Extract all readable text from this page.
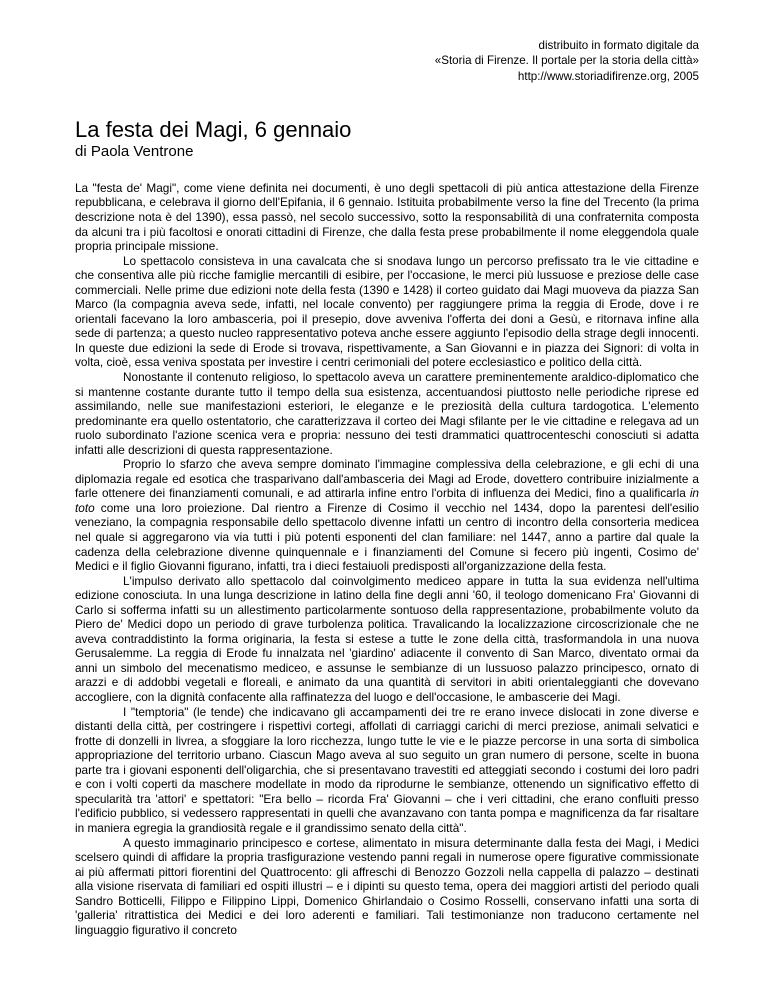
distribuito in formato digitale da
«Storia di Firenze. Il portale per la storia della città»
http://www.storiadifirenze.org, 2005
La festa dei Magi, 6 gennaio
di Paola Ventrone

La "festa de' Magi", come viene definita nei documenti, è uno degli spettacoli di più antica attestazione della Firenze repubblicana, e celebrava il giorno dell'Epifania, il 6 gennaio. Istituita probabilmente verso la fine del Trecento (la prima descrizione nota è del 1390), essa passò, nel secolo successivo, sotto la responsabilità di una confraternita composta da alcuni tra i più facoltosi e onorati cittadini di Firenze, che dalla festa prese probabilmente il nome eleggendola quale propria principale missione.

Lo spettacolo consisteva in una cavalcata che si snodava lungo un percorso prefissato tra le vie cittadine e che consentiva alle più ricche famiglie mercantili di esibire, per l'occasione, le merci più lussuose e preziose delle case commerciali. Nelle prime due edizioni note della festa (1390 e 1428) il corteo guidato dai Magi muoveva da piazza San Marco (la compagnia aveva sede, infatti, nel locale convento) per raggiungere prima la reggia di Erode, dove i re orientali facevano la loro ambasceria, poi il presepio, dove avveniva l'offerta dei doni a Gesù, e ritornava infine alla sede di partenza; a questo nucleo rappresentativo poteva anche essere aggiunto l'episodio della strage degli innocenti. In queste due edizioni la sede di Erode si trovava, rispettivamente, a San Giovanni e in piazza dei Signori: di volta in volta, cioè, essa veniva spostata per investire i centri cerimoniali del potere ecclesiastico e politico della città.

Nonostante il contenuto religioso, lo spettacolo aveva un carattere preminentemente araldico-diplomatico che si mantenne costante durante tutto il tempo della sua esistenza, accentuandosi piuttosto nelle periodiche riprese ed assimilando, nelle sue manifestazioni esteriori, le eleganze e le preziosità della cultura tardogotica. L'elemento predominante era quello ostentatorio, che caratterizzava il corteo dei Magi sfilante per le vie cittadine e relegava ad un ruolo subordinato l'azione scenica vera e propria: nessuno dei testi drammatici quattrocenteschi conosciuti si adatta infatti alle descrizioni di questa rappresentazione.

Proprio lo sfarzo che aveva sempre dominato l'immagine complessiva della celebrazione, e gli echi di una diplomazia regale ed esotica che trasparivano dall'ambasceria dei Magi ad Erode, dovettero contribuire inizialmente a farle ottenere dei finanziamenti comunali, e ad attirarla infine entro l'orbita di influenza dei Medici, fino a qualificarla in toto come una loro proiezione. Dal rientro a Firenze di Cosimo il vecchio nel 1434, dopo la parentesi dell'esilio veneziano, la compagnia responsabile dello spettacolo divenne infatti un centro di incontro della consorteria medicea nel quale si aggregarono via via tutti i più potenti esponenti del clan familiare: nel 1447, anno a partire dal quale la cadenza della celebrazione divenne quinquennale e i finanziamenti del Comune si fecero più ingenti, Cosimo de' Medici e il figlio Giovanni figurano, infatti, tra i dieci festaiuoli predisposti all'organizzazione della festa.

L'impulso derivato allo spettacolo dal coinvolgimento mediceo appare in tutta la sua evidenza nell'ultima edizione conosciuta. In una lunga descrizione in latino della fine degli anni '60, il teologo domenicano Fra' Giovanni di Carlo si sofferma infatti su un allestimento particolarmente sontuoso della rappresentazione, probabilmente voluto da Piero de' Medici dopo un periodo di grave turbolenza politica. Travalicando la localizzazione circoscrizionale che ne aveva contraddistinto la forma originaria, la festa si estese a tutte le zone della città, trasformandola in una nuova Gerusalemme. La reggia di Erode fu innalzata nel 'giardino' adiacente il convento di San Marco, diventato ormai da anni un simbolo del mecenatismo mediceo, e assunse le sembianze di un lussuoso palazzo principesco, ornato di arazzi e di addobbi vegetali e floreali, e animato da una quantità di servitori in abiti orientaleggianti che dovevano accogliere, con la dignità confacente alla raffinatezza del luogo e dell'occasione, le ambascerie dei Magi.

I "temptoria" (le tende) che indicavano gli accampamenti dei tre re erano invece dislocati in zone diverse e distanti della città, per costringere i rispettivi cortegi, affollati di carriaggi carichi di merci preziose, animali selvatici e frotte di donzelli in livrea, a sfoggiare la loro ricchezza, lungo tutte le vie e le piazze percorse in una sorta di simbolica appropriazione del territorio urbano. Ciascun Mago aveva al suo seguito un gran numero di persone, scelte in buona parte tra i giovani esponenti dell'oligarchia, che si presentavano travestiti ed atteggiati secondo i costumi dei loro padri e con i volti coperti da maschere modellate in modo da riprodurne le sembianze, ottenendo un significativo effetto di specularità tra 'attori' e spettatori: "Era bello – ricorda Fra' Giovanni – che i veri cittadini, che erano confluiti presso l'edificio pubblico, si vedessero rappresentati in quelli che avanzavano con tanta pompa e magnificenza da far risaltare in maniera egregia la grandiosità regale e il grandissimo senato della città".

A questo immaginario principesco e cortese, alimentato in misura determinante dalla festa dei Magi, i Medici scelsero quindi di affidare la propria trasfigurazione vestendo panni regali in numerose opere figurative commissionate ai più affermati pittori fiorentini del Quattrocento: gli affreschi di Benozzo Gozzoli nella cappella di palazzo – destinati alla visione riservata di familiari ed ospiti illustri – e i dipinti su questo tema, opera dei maggiori artisti del periodo quali Sandro Botticelli, Filippo e Filippino Lippi, Domenico Ghirlandaio o Cosimo Rosselli, conservano infatti una sorta di 'galleria' ritrattistica dei Medici e dei loro aderenti e familiari. Tali testimonianze non traducono certamente nel linguaggio figurativo il concreto
